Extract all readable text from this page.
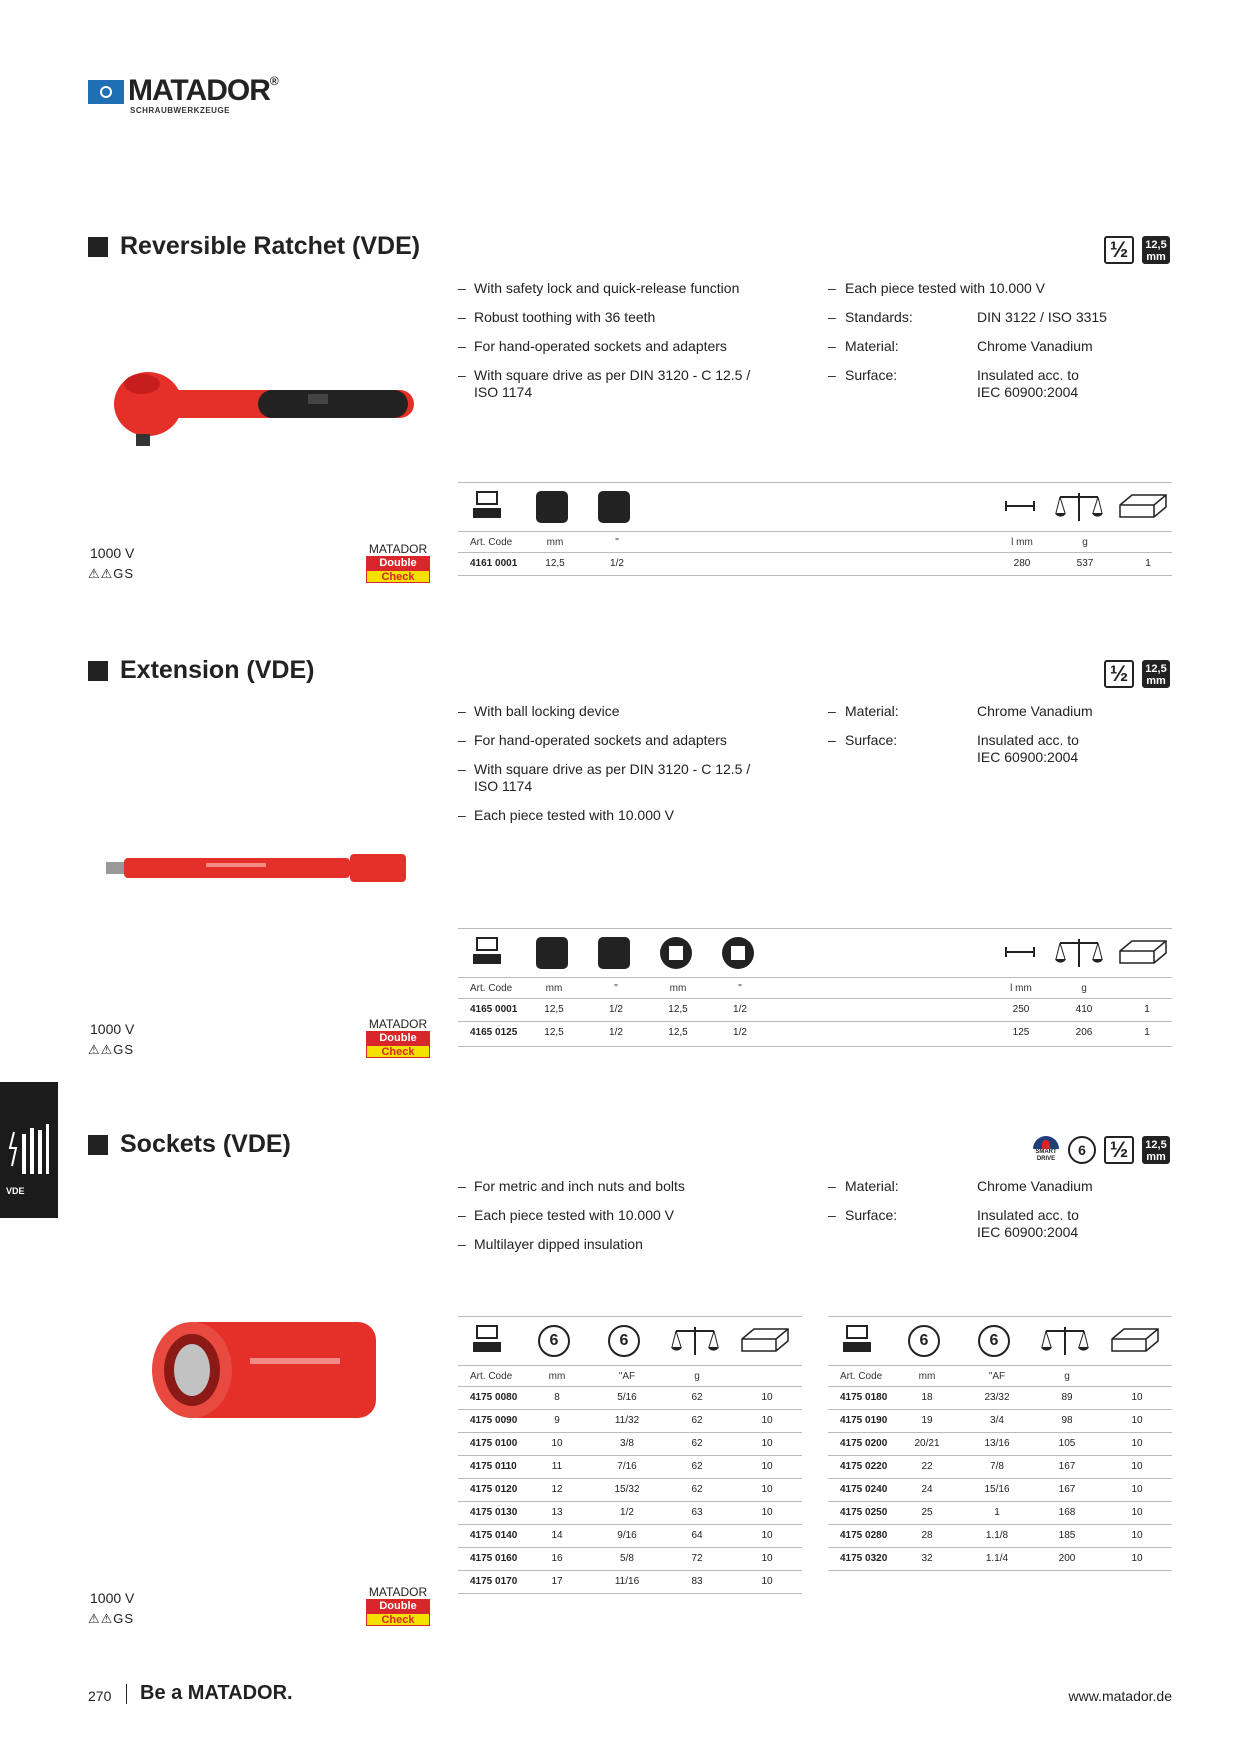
MATADOR®
SCHRAUBWERKZEUGE
VDE
Reversible Ratchet (VDE)	½	12,5
mm
– With safety lock and quick-release function
– Robust toothing with 36 teeth
– For hand-operated sockets and adapters
– With square drive as per DIN 3120 - C 12.5 /
ISO 1174
– Each piece tested with 10.000 V
– Standards:	DIN 3122 / ISO 3315
– Material:	Chrome Vanadium
– Surface:	Insulated acc. to
IEC 60900:2004
Art. Code	mm	"	l mm	g
4161 0001	12,5	1/2	280	537	1
1000 V
⚠⚠GS
MATADOR
Double
Check
Extension (VDE)	½	12,5
mm
– With ball locking device
– For hand-operated sockets and adapters
– With square drive as per DIN 3120 - C 12.5 /
ISO 1174
– Each piece tested with 10.000 V
– Material:	Chrome Vanadium
– Surface:	Insulated acc. to
IEC 60900:2004
Art. Code	mm	"	mm	"	l mm	g
4165 0001	12,5	1/2	12,5	1/2	250	410	1
4165 0125	12,5	1/2	12,5	1/2	125	206	1
1000 V
⚠⚠GS
MATADOR
Double
Check
Sockets (VDE)	SMART DRIVE
6	½	12,5
mm
– For metric and inch nuts and bolts
– Each piece tested with 10.000 V
– Multilayer dipped insulation
– Material:	Chrome Vanadium
– Surface:	Insulated acc. to
IEC 60900:2004
6	6
Art. Code	mm	"AF	g
4175 0080	8	5/16	62	10
4175 0090	9	11/32	62	10
4175 0100	10	3/8	62	10
4175 0110	11	7/16	62	10
4175 0120	12	15/32	62	10
4175 0130	13	1/2	63	10
4175 0140	14	9/16	64	10
4175 0160	16	5/8	72	10
4175 0170	17	11/16	83	10
6	6
Art. Code	mm	"AF	g
4175 0180	18	23/32	89	10
4175 0190	19	3/4	98	10
4175 0200	20/21	13/16	105	10
4175 0220	22	7/8	167	10
4175 0240	24	15/16	167	10
4175 0250	25	1	168	10
4175 0280	28	1.1/8	185	10
4175 0320	32	1.1/4	200	10
1000 V
⚠⚠GS
MATADOR
Double
Check
270 Be a MATADOR.	www.matador.de
